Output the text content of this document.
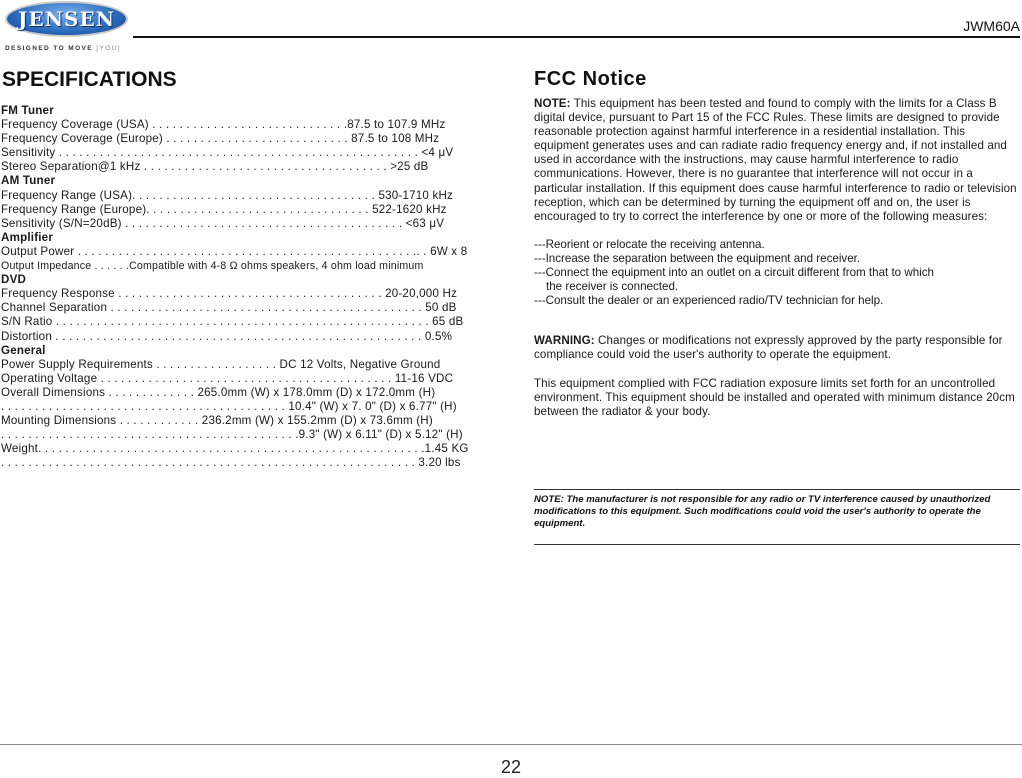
JENSEN
DESIGNED TO MOVE [YOU]
JWM60A
SPECIFICATIONS
FM Tuner
Frequency Coverage (USA) . . . . . . . . . . . . . . . . . . . . . . . . . . . . .87.5 to 107.9 MHz
Frequency Coverage (Europe) . . . . . . . . . . . . . . . . . . . . . . . . . . . 87.5 to 108 MHz
Sensitivity . . . . . . . . . . . . . . . . . . . . . . . . . . . . . . . . . . . . . . . . . . . . . . . . . . . . . <4 μV
Stereo Separation@1 kHz . . . . . . . . . . . . . . . . . . . . . . . . . . . . . . . . . . . . >25 dB
AM Tuner
Frequency Range (USA). . . . . . . . . . . . . . . . . . . . . . . . . . . . . . . . . . . . 530-1710 kHz
Frequency Range (Europe). . . . . . . . . . . . . . . . . . . . . . . . . . . . . . . . . 522-1620 kHz
Sensitivity (S/N=20dB) . . . . . . . . . . . . . . . . . . . . . . . . . . . . . . . . . . . . . . . . . <63 μV
Amplifier
Output Power . . . . . . . . . . . . . . . . . . . . . . . . . . . . . . . . . . . . . . . . . . . . . . . . . .. . 6W x 8
Output Impedance . . . . . .Compatible with 4-8 Ω ohms speakers, 4 ohm load minimum
DVD
Frequency Response . . . . . . . . . . . . . . . . . . . . . . . . . . . . . . . . . . . . . . . 20-20,000 Hz
Channel Separation . . . . . . . . . . . . . . . . . . . . . . . . . . . . . . . . . . . . . . . . . . . . . . 50 dB
S/N Ratio . . . . . . . . . . . . . . . . . . . . . . . . . . . . . . . . . . . . . . . . . . . . . . . . . . . . . . . 65 dB
Distortion . . . . . . . . . . . . . . . . . . . . . . . . . . . . . . . . . . . . . . . . . . . . . . . . . . . . . . 0.5%
General
Power Supply Requirements . . . . . . . . . . . . . . . . . . DC 12 Volts, Negative Ground
Operating Voltage . . . . . . . . . . . . . . . . . . . . . . . . . . . . . . . . . . . . . . . . . . . 11-16 VDC
Overall Dimensions . . . . . . . . . . . . . 265.0mm (W) x 178.0mm (D) x 172.0mm (H)
. . . . . . . . . . . . . . . . . . . . . . . . . . . . . . . . . . . . . . . . . . 10.4" (W) x 7. 0" (D) x 6.77" (H)
Mounting Dimensions . . . . . . . . . . . . 236.2mm (W) x 155.2mm (D) x 73.6mm (H)
. . . . . . . . . . . . . . . . . . . . . . . . . . . . . . . . . . . . . . . . . . . .9.3" (W) x 6.11" (D) x 5.12" (H)
Weight. . . . . . . . . . . . . . . . . . . . . . . . . . . . . . . . . . . . . . . . . . . . . . . . . . . . . . . . .1.45 KG
. . . . . . . . . . . . . . . . . . . . . . . . . . . . . . . . . . . . . . . . . . . . . . . . . . . . . . . . . . . . . 3.20 lbs
FCC Notice

NOTE: This equipment has been tested and found to comply with the limits for a Class B digital device, pursuant to Part 15 of the FCC Rules. These limits are designed to provide reasonable protection against harmful interference in a residential installation. This equipment generates uses and can radiate radio frequency energy and, if not installed and used in accordance with the instructions, may cause harmful interference to radio communications. However, there is no guarantee that interference will not occur in a particular installation. If this equipment does cause harmful interference to radio or television reception, which can be determined by turning the equipment off and on, the user is encouraged to try to correct the interference by one or more of the following measures:

---Reorient or relocate the receiving antenna.
---Increase the separation between the equipment and receiver.
---Connect the equipment into an outlet on a circuit different from that to which
the receiver is connected.
---Consult the dealer or an experienced radio/TV technician for help.

WARNING: Changes or modifications not expressly approved by the party responsible for compliance could void the user's authority to operate the equipment.

This equipment complied with FCC radiation exposure limits set forth for an uncontrolled environment. This equipment should be installed and operated with minimum distance 20cm between the radiator & your body.

NOTE: The manufacturer is not responsible for any radio or TV interference caused by unauthorized modifications to this equipment. Such modifications could void the user's authority to operate the equipment.
22
